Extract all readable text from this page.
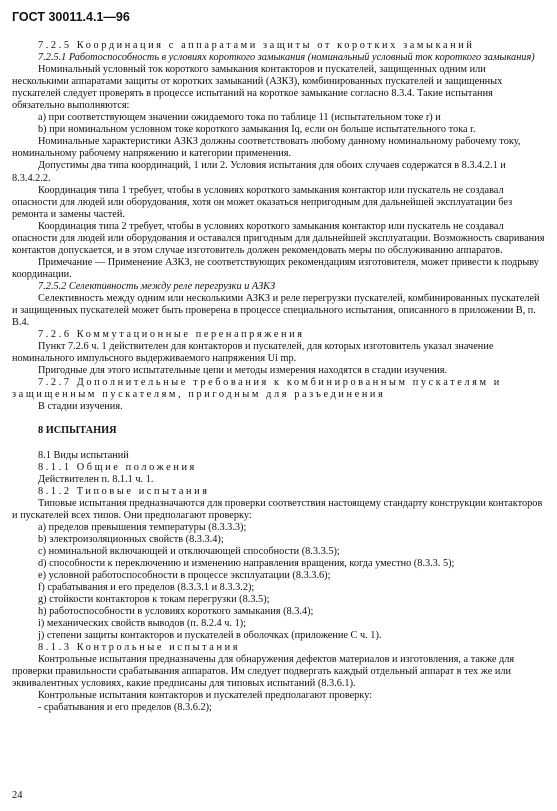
ГОСТ 30011.4.1—96

7.2.5 Координация с аппаратами защиты от коротких замыканий

7.2.5.1 Работоспособность в условиях короткого замыкания (номинальный условный ток короткого замыкания)

Номинальный условный ток короткого замыкания контакторов и пускателей, защищенных одним или несколькими аппаратами защиты от коротких замыканий (АЗКЗ), комбинированных пускателей и защищенных пускателей следует проверять в процессе испытаний на короткое замыкание согласно 8.3.4. Такие испытания обязательно выполняются:

a) при соответствующем значении ожидаемого тока по таблице 11 (испытательном токе r) и

b) при номинальном условном токе короткого замыкания Iq, если он больше испытательного тока r.

Номинальные характеристики АЗКЗ должны соответствовать любому данному номинальному рабочему току, номинальному рабочему напряжению и категории применения.

Допустимы два типа координаций, 1 или 2. Условия испытания для обоих случаев содержатся в 8.3.4.2.1 и 8.3.4.2.2.

Координация типа 1 требует, чтобы в условиях короткого замыкания контактор или пускатель не создавал опасности для людей или оборудования, хотя он может оказаться непригодным для дальнейшей эксплуатации без ремонта и замены частей.

Координация типа 2 требует, чтобы в условиях короткого замыкания контактор или пускатель не создавал опасности для людей или оборудования и оставался пригодным для дальнейшей эксплуатации. Возможность сваривания контактов допускается, и в этом случае изготовитель должен рекомендовать меры по обслуживанию аппаратов.

Примечание — Применение АЗКЗ, не соответствующих рекомендациям изготовителя, может привести к подрыву координации.

7.2.5.2 Селективность между реле перегрузки и АЗКЗ

Селективность между одним или несколькими АЗКЗ и реле перегрузки пускателей, комбинированных пускателей и защищенных пускателей может быть проверена в процессе специального испытания, описанного в приложении В, п. В.4.

7.2.6 Коммутационные перенапряжения

Пункт 7.2.6 ч. 1 действителен для контакторов и пускателей, для которых изготовитель указал значение номинального импульсного выдерживаемого напряжения Ui mp.

Пригодные для этого испытательные цепи и методы измерения находятся в стадии изучения.

7.2.7 Дополнительные требования к комбинированным пускателям и защищенным пускателям, пригодным для разъединения

В стадии изучения.

8 ИСПЫТАНИЯ

8.1 Виды испытаний

8.1.1 Общие положения

Действителен п. 8.1.1 ч. 1.

8.1.2 Типовые испытания

Типовые испытания предназначаются для проверки соответствия настоящему стандарту конструкции контакторов и пускателей всех типов. Они предполагают проверку:

a) пределов превышения температуры (8.3.3.3);

b) электроизоляционных свойств (8.3.3.4);

c) номинальной включающей и отключающей способности (8.3.3.5);

d) способности к переключению и изменению направления вращения, когда уместно (8.3.3. 5);

e) условной работоспособности в процессе эксплуатации (8.3.3.6);

f) срабатывания и его пределов (8.3.3.1 и 8.3.3.2);

g) стойкости контакторов к токам перегрузки (8.3.5);

h) работоспособности в условиях короткого замыкания (8.3.4);

i) механических свойств выводов (п. 8.2.4 ч. 1);

j) степени защиты контакторов и пускателей в оболочках (приложение С ч. 1).

8.1.3 Контрольные испытания

Контрольные испытания предназначены для обнаружения дефектов материалов и изготовления, а также для проверки правильности срабатывания аппаратов. Им следует подвергать каждый отдельный аппарат в тех же или эквивалентных условиях, какие предписаны для типовых испытаний (8.3.6.1).

Контрольные испытания контакторов и пускателей предполагают проверку:

- срабатывания и его пределов (8.3.6.2);

24
